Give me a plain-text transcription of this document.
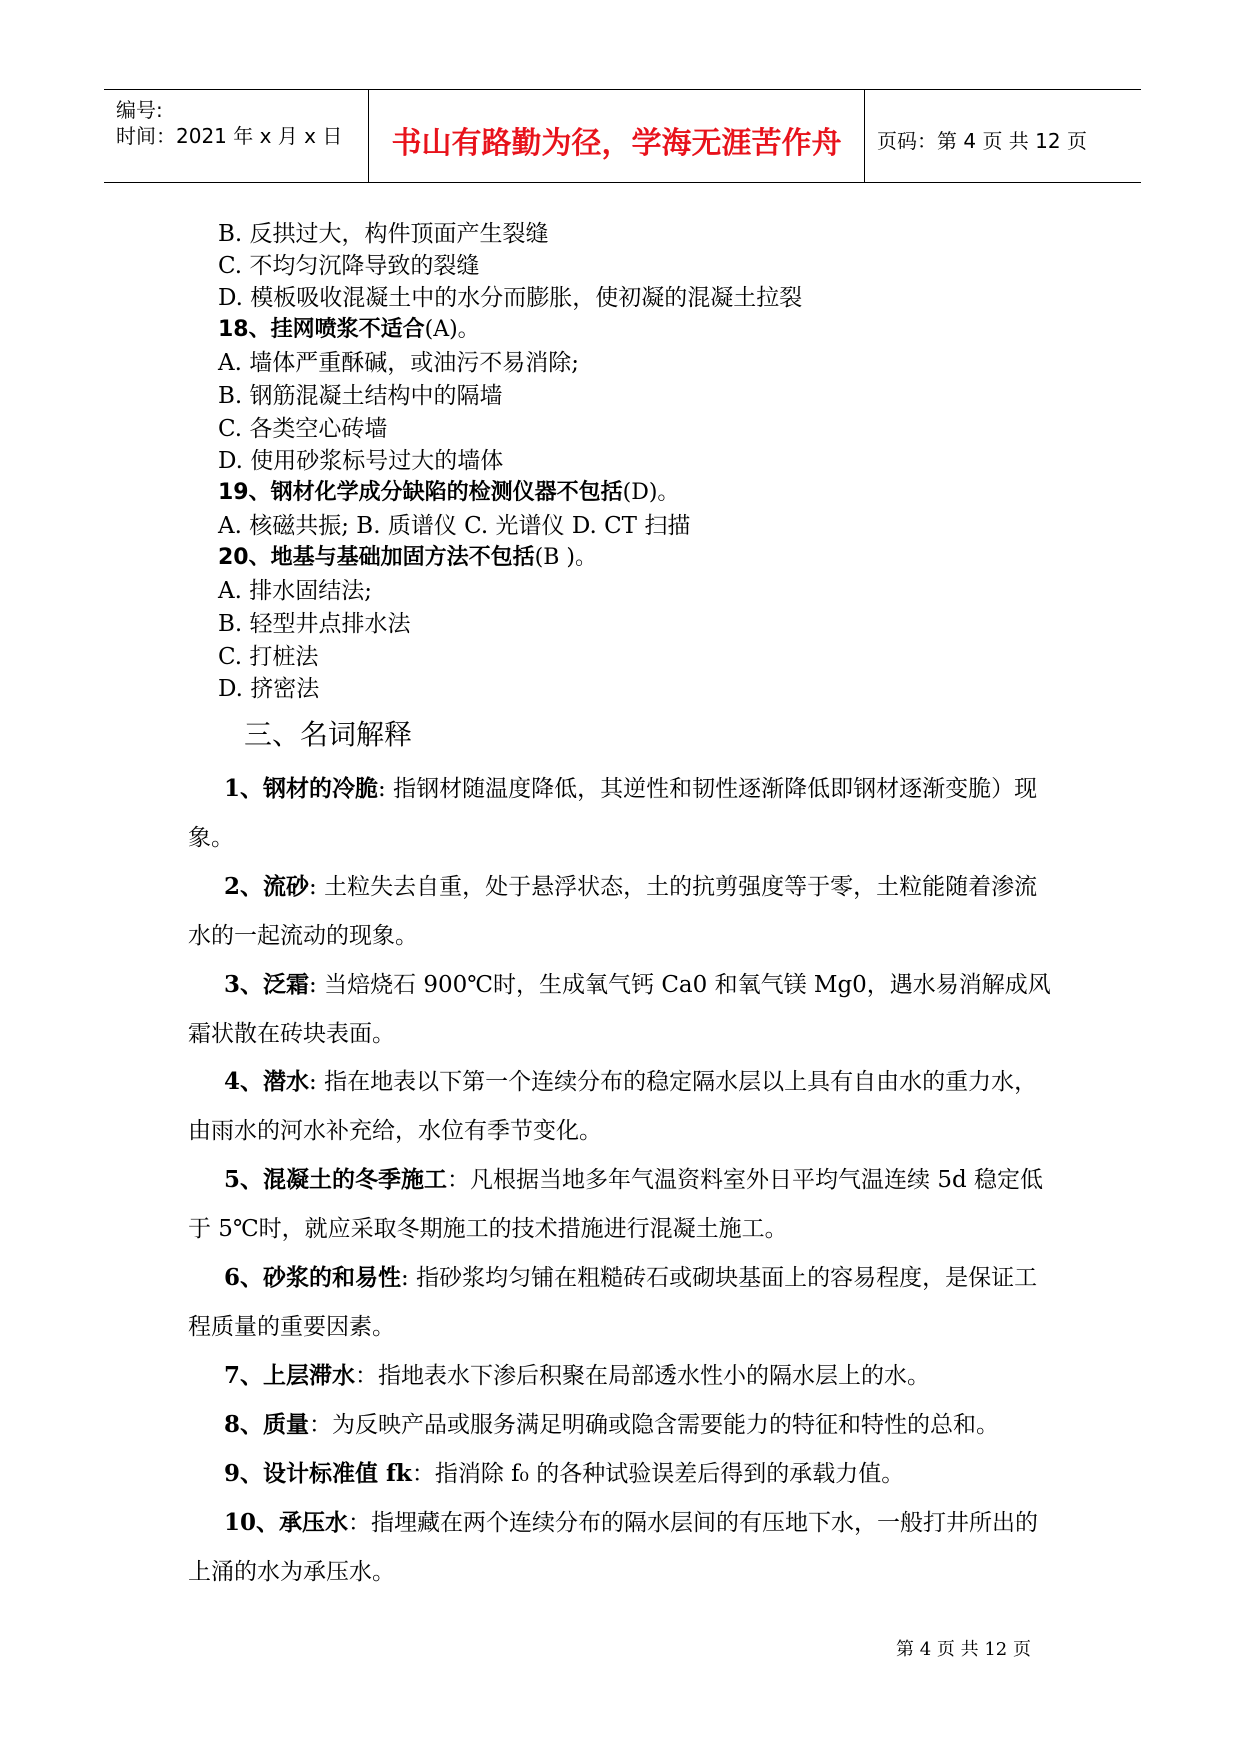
编号:
时间：2021 年 x 月 x 日	书山有路勤为径，学海无涯苦作舟	页码：第 4 页 共 12 页
B. 反拱过大，构件顶面产生裂缝
C. 不均匀沉降导致的裂缝
D. 模板吸收混凝土中的水分而膨胀，使初凝的混凝土拉裂
18、挂网喷浆不适合(A)。
A. 墙体严重酥碱，或油污不易消除;
B. 钢筋混凝土结构中的隔墙
C. 各类空心砖墙
D. 使用砂浆标号过大的墙体
19、钢材化学成分缺陷的检测仪器不包括(D)。
A. 核磁共振; B. 质谱仪 C. 光谱仪 D. CT 扫描
20、地基与基础加固方法不包括(B )。
A. 排水固结法;
B. 轻型井点排水法
C. 打桩法
D. 挤密法
三、名词解释
1、钢材的冷脆: 指钢材随温度降低，其逆性和韧性逐渐降低即钢材逐渐变脆）现象。
2、流砂: 土粒失去自重，处于悬浮状态，土的抗剪强度等于零，土粒能随着渗流水的一起流动的现象。
3、泛霜: 当焙烧石 900℃时，生成氧气钙 Ca0 和氧气镁 Mg0，遇水易消解成风霜状散在砖块表面。
4、潜水: 指在地表以下第一个连续分布的稳定隔水层以上具有自由水的重力水，由雨水的河水补充给，水位有季节变化。
5、混凝土的冬季施工：凡根据当地多年气温资料室外日平均气温连续 5d 稳定低于 5℃时，就应采取冬期施工的技术措施进行混凝土施工。
6、砂浆的和易性: 指砂浆均匀铺在粗糙砖石或砌块基面上的容易程度，是保证工程质量的重要因素。
7、上层滞水：指地表水下渗后积聚在局部透水性小的隔水层上的水。
8、质量：为反映产品或服务满足明确或隐含需要能力的特征和特性的总和。
9、设计标准值 fk：指消除 f₀ 的各种试验误差后得到的承载力值。
10、承压水：指埋藏在两个连续分布的隔水层间的有压地下水，一般打井所出的上涌的水为承压水。
第 4 页 共 12 页
